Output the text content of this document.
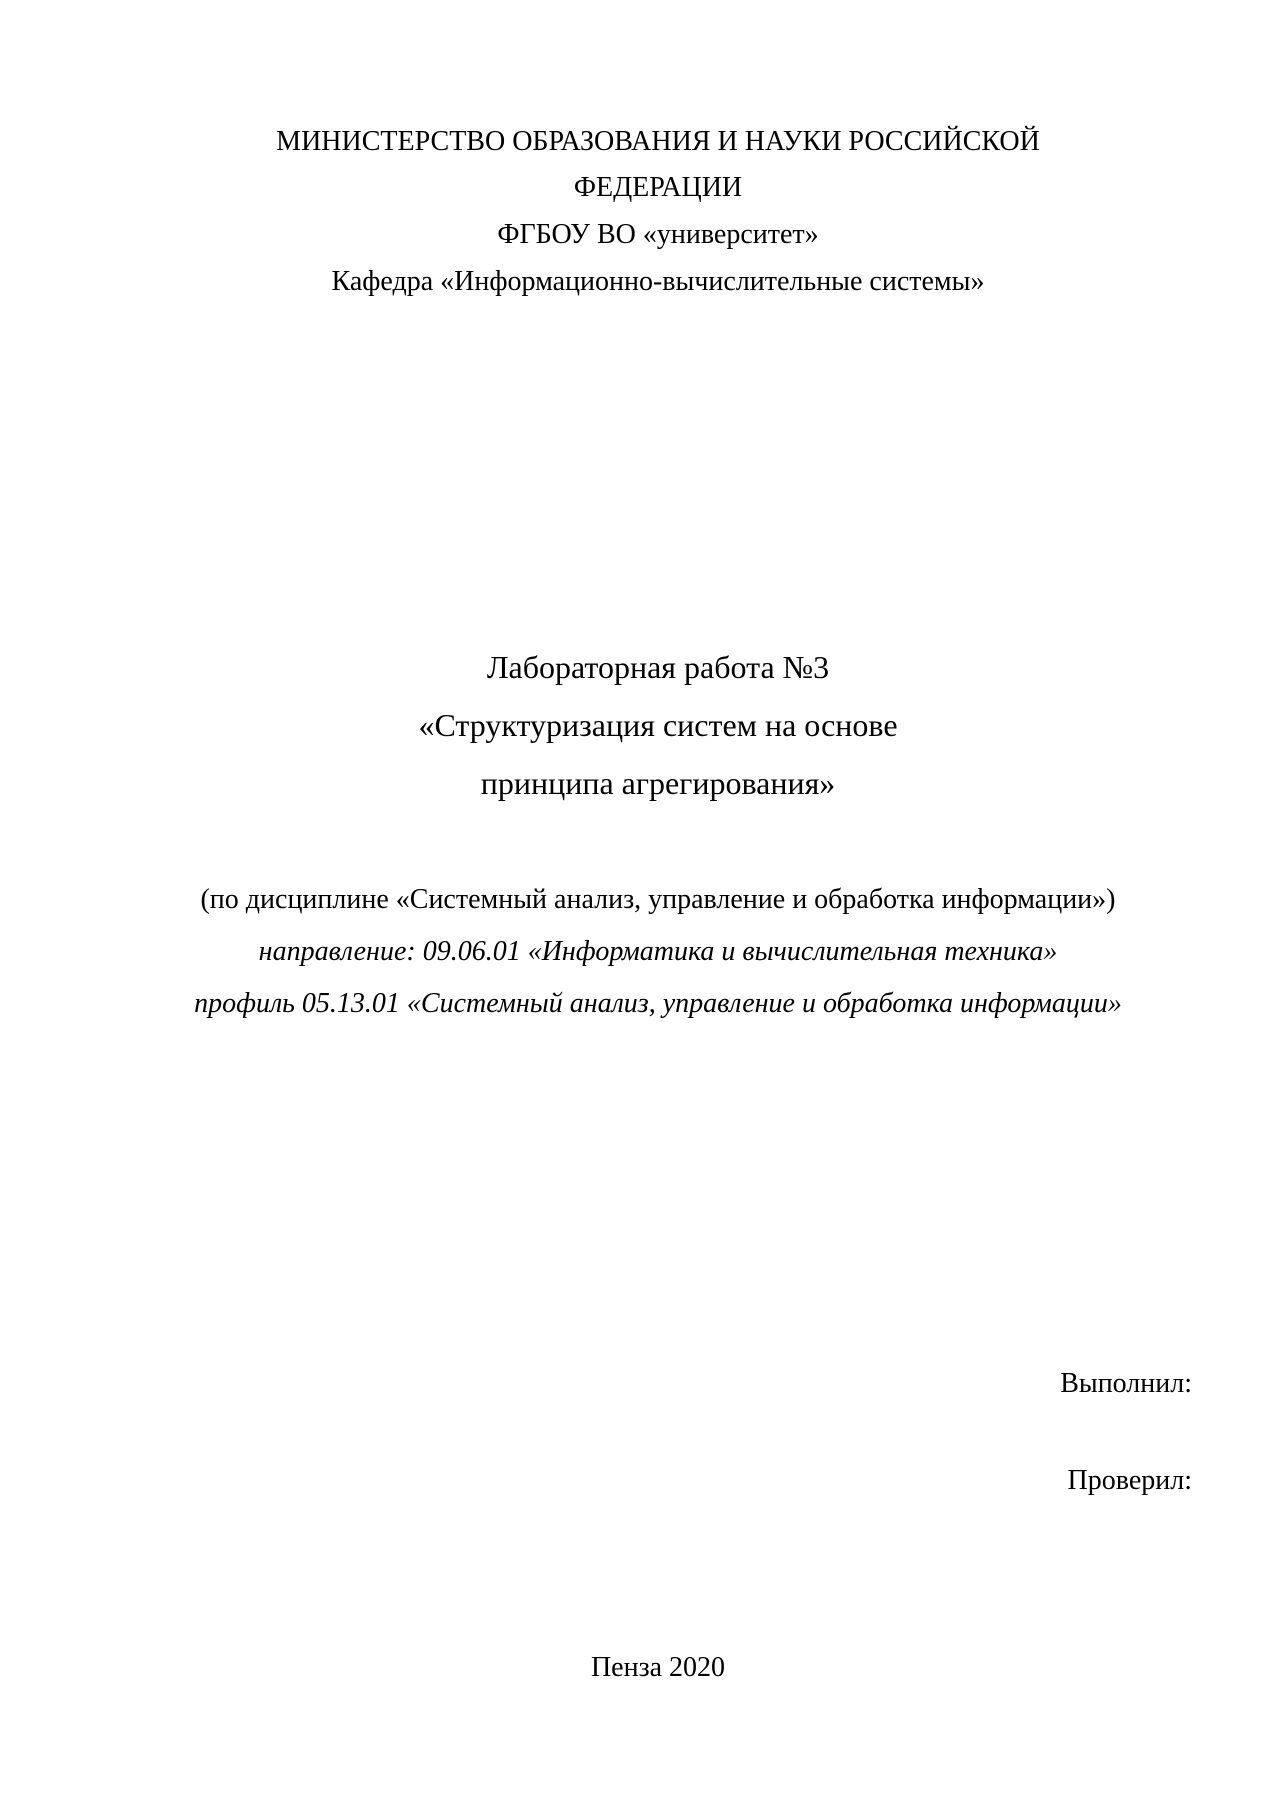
МИНИСТЕРСТВО ОБРАЗОВАНИЯ И НАУКИ РОССИЙСКОЙ
ФЕДЕРАЦИИ
ФГБОУ ВО «университет»
Кафедра «Информационно-вычислительные системы»
Лабораторная работа №3
«Структуризация систем на основе
принципа агрегирования»
(по дисциплине «Системный анализ, управление и обработка информации»)
направление: 09.06.01 «Информатика и вычислительная техника»
профиль 05.13.01 «Системный анализ, управление и обработка информации»
Выполнил:
Проверил:
Пенза 2020
